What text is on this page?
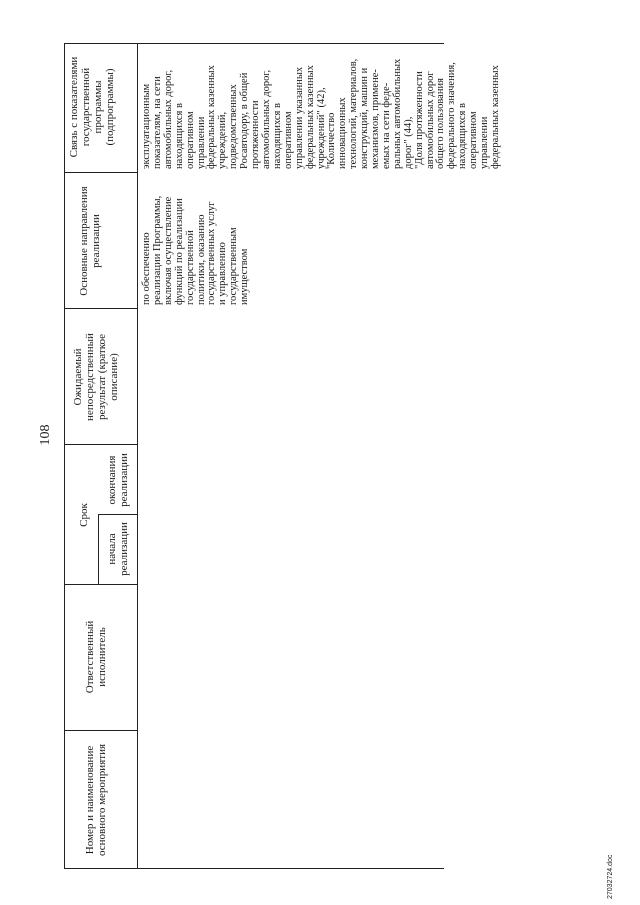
108
Номер и наименование основного мероприятия
Ответственный исполнитель
Срок
начала реализации
окончания реализации
Ожидаемый непосредственный результат (краткое описание)
Основные направления реализации
Связь с показателями государственной программы (подпрограммы)
по обеспечению реализации Программы, включая осуществление функций по реализации государственной политики, оказанию государственных услуг и управлению государственным имуществом
эксплуатационным показателям, на сети автомобильных дорог, находящихся в оперативном управлении федеральных казенных учреждений, подведомственных Росавтодору, в общей протяженности автомобильных дорог, находящихся в оперативном управлении указанных федеральных казенных учреждений" (42), "Количество инновационных технологий, материалов, конструкций, машин и механизмов, примене- емых на сети феде- ральных автомобильных дорог" (44), "Доля протяженности автомобильных дорог общего пользования федерального значения, находящихся в оперативном управлении федеральных казенных
27032724.doc
